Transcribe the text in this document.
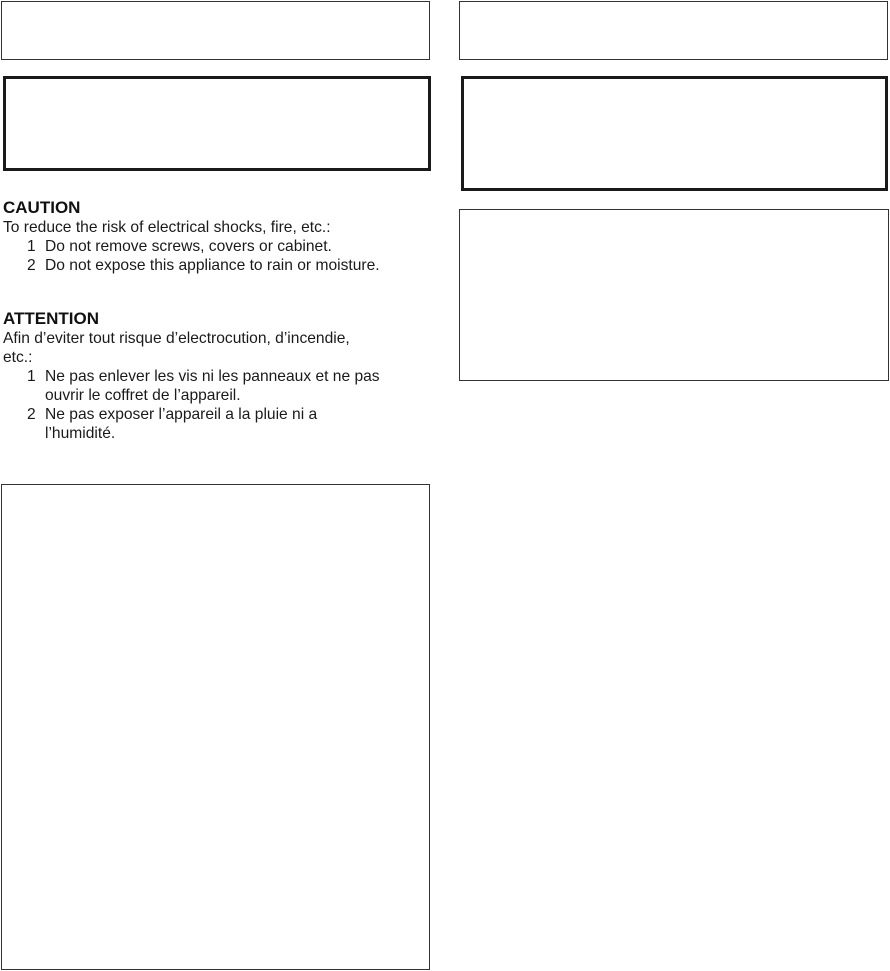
CAUTION

To reduce the risk of electrical shocks, fire, etc.:

1 Do not remove screws, covers or cabinet.
2 Do not expose this appliance to rain or moisture.
ATTENTION
Afin d’eviter tout risque d’electrocution, d’incendie,
etc.:
1 Ne pas enlever les vis ni les panneaux et ne pas
ouvrir le coffret de l’appareil.
2 Ne pas exposer l’appareil a la pluie ni a
l’humidité.
